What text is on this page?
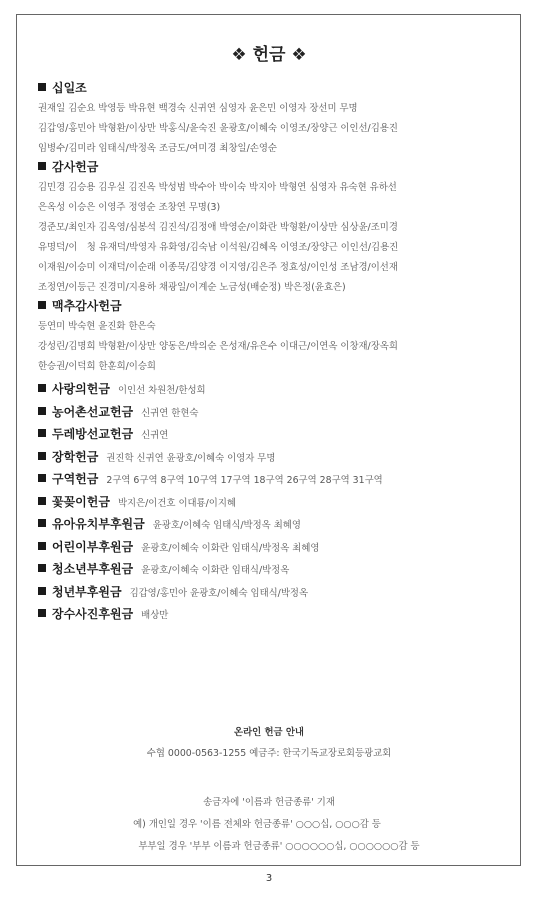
❖ 헌금 ❖
십일조
권재일 김순요 박영등 박유현 백경숙 신귀연 심영자 윤은민 이영자 장선미 무명
김갑영/홍민아 박형환/이상만 박홍식/윤숙진 윤광호/이혜숙 이영조/장양근 이인선/김용진
임병수/김미라 임태식/박정옥 조금도/여미경 최창일/손영순
감사헌금
김민경 김승용 김우실 김진옥 박성범 박수아 박이숙 박지아 박형연 심영자 유숙현 유하선
은옥성 이승은 이영주 정영순 조창연 무명(3)
경준모/최인자 김옥영/심봉석 김진석/김정애 박영순/이화란 박형환/이상만 심상윤/조미경
유명덕/이　청 유재덕/박영자 유화영/김숙남 이석원/김혜옥 이영조/장양근 이인선/김용진
이재원/이승미 이재덕/이순래 이종묵/김양경 이지영/김은주 정효성/이인성 조남경/이선재
조정연/이등근 진경미/지용하 채광일/이계순 노금성(배순정) 박은정(윤효은)
맥추감사헌금
등연미 박숙현 윤진화 한은숙
강성린/김명희 박형환/이상만 양동은/박의순 은성재/유은수 이대근/이연옥 이창재/장옥희
한승권/이덕희 한훈희/이승희
사랑의헌금 이인선 차원천/한성희
농어촌선교헌금 신귀연 한현숙
두레방선교헌금 신귀연
장학헌금 권진학 신귀연 윤광호/이혜숙 이영자 무명
구역헌금 2구역 6구역 8구역 10구역 17구역 18구역 26구역 28구역 31구역
꽃꽂이헌금 박지은/이건호 이대룡/이지혜
유아유치부후원금 윤광호/이혜숙 임태식/박정옥 최혜영
어린이부후원금 윤광호/이혜숙 이화란 임태식/박정옥 최혜영
청소년부후원금 윤광호/이혜숙 이화란 임태식/박정옥
청년부후원금 김갑영/홍민아 윤광호/이혜숙 임태식/박정옥
장수사진후원금 배상만
온라인 헌금 안내
수협 0000-0563-1255 예금주: 한국기독교장로회등광교회
송금자에 '이름과 헌금종류' 기재
예) 개인일 경우 '이름 전체와 헌금종류' ○○○십, ○○○감 등
부부일 경우 '부부 이름과 헌금종류' ○○○○○○십, ○○○○○○감 등
3
